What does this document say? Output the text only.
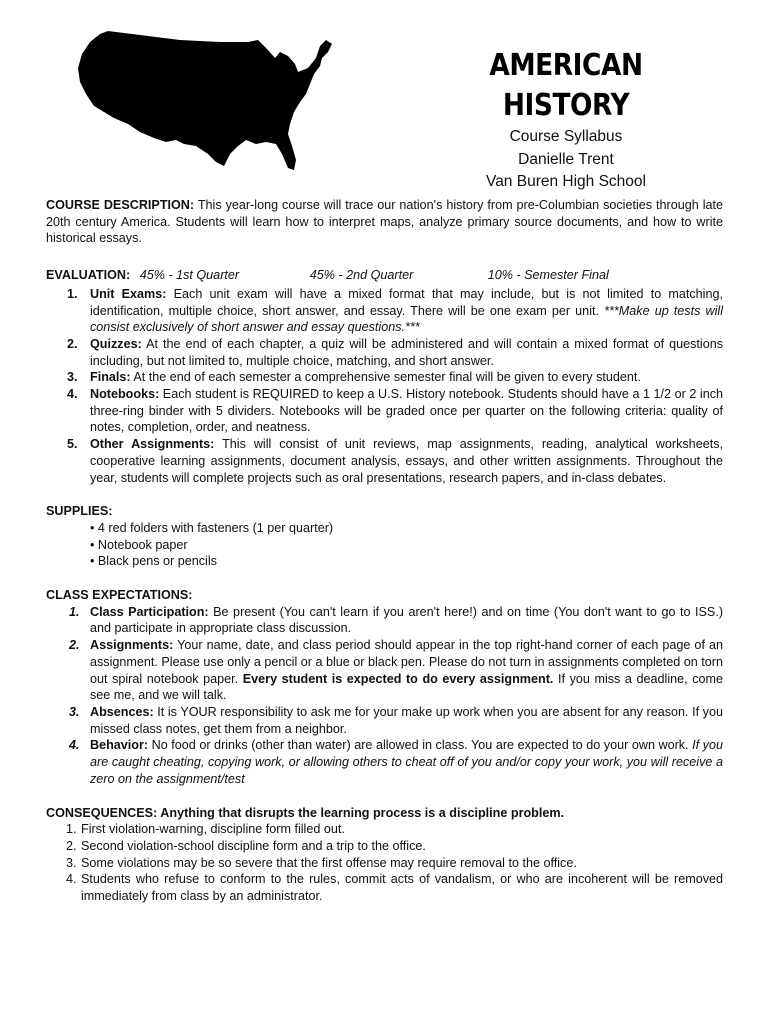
AMERICAN HISTORY
Course Syllabus
Danielle Trent
Van Buren High School

COURSE DESCRIPTION: This year-long course will trace our nation's history from pre-Columbian societies through late 20th century America. Students will learn how to interpret maps, analyze primary source documents, and how to write historical essays.

EVALUATION: 45% - 1st Quarter	45% - 2nd Quarter	10% - Semester Final

1. Unit Exams: Each unit exam will have a mixed format that may include, but is not limited to matching, identification, multiple choice, short answer, and essay. There will be one exam per unit. ***Make up tests will consist exclusively of short answer and essay questions.***
2. Quizzes: At the end of each chapter, a quiz will be administered and will contain a mixed format of questions including, but not limited to, multiple choice, matching, and short answer.
3. Finals: At the end of each semester a comprehensive semester final will be given to every student.
4. Notebooks: Each student is REQUIRED to keep a U.S. History notebook. Students should have a 1 1/2 or 2 inch three-ring binder with 5 dividers. Notebooks will be graded once per quarter on the following criteria: quality of notes, completion, order, and neatness.
5. Other Assignments: This will consist of unit reviews, map assignments, reading, analytical worksheets, cooperative learning assignments, document analysis, essays, and other written assignments. Throughout the year, students will complete projects such as oral presentations, research papers, and in-class debates.
SUPPLIES:
• 4 red folders with fasteners (1 per quarter)
• Notebook paper
• Black pens or pencils
CLASS EXPECTATIONS:
1. Class Participation: Be present (You can't learn if you aren't here!) and on time (You don't want to go to ISS.) and participate in appropriate class discussion.
2. Assignments: Your name, date, and class period should appear in the top right-hand corner of each page of an assignment. Please use only a pencil or a blue or black pen. Please do not turn in assignments completed on torn out spiral notebook paper. Every student is expected to do every assignment. If you miss a deadline, come see me, and we will talk.
3. Absences: It is YOUR responsibility to ask me for your make up work when you are absent for any reason. If you missed class notes, get them from a neighbor.
4. Behavior: No food or drinks (other than water) are allowed in class. You are expected to do your own work. If you are caught cheating, copying work, or allowing others to cheat off of you and/or copy your work, you will receive a zero on the assignment/test
CONSEQUENCES: Anything that disrupts the learning process is a discipline problem.
1. First violation-warning, discipline form filled out.
2. Second violation-school discipline form and a trip to the office.
3. Some violations may be so severe that the first offense may require removal to the office.
4. Students who refuse to conform to the rules, commit acts of vandalism, or who are incoherent will be removed immediately from class by an administrator.
